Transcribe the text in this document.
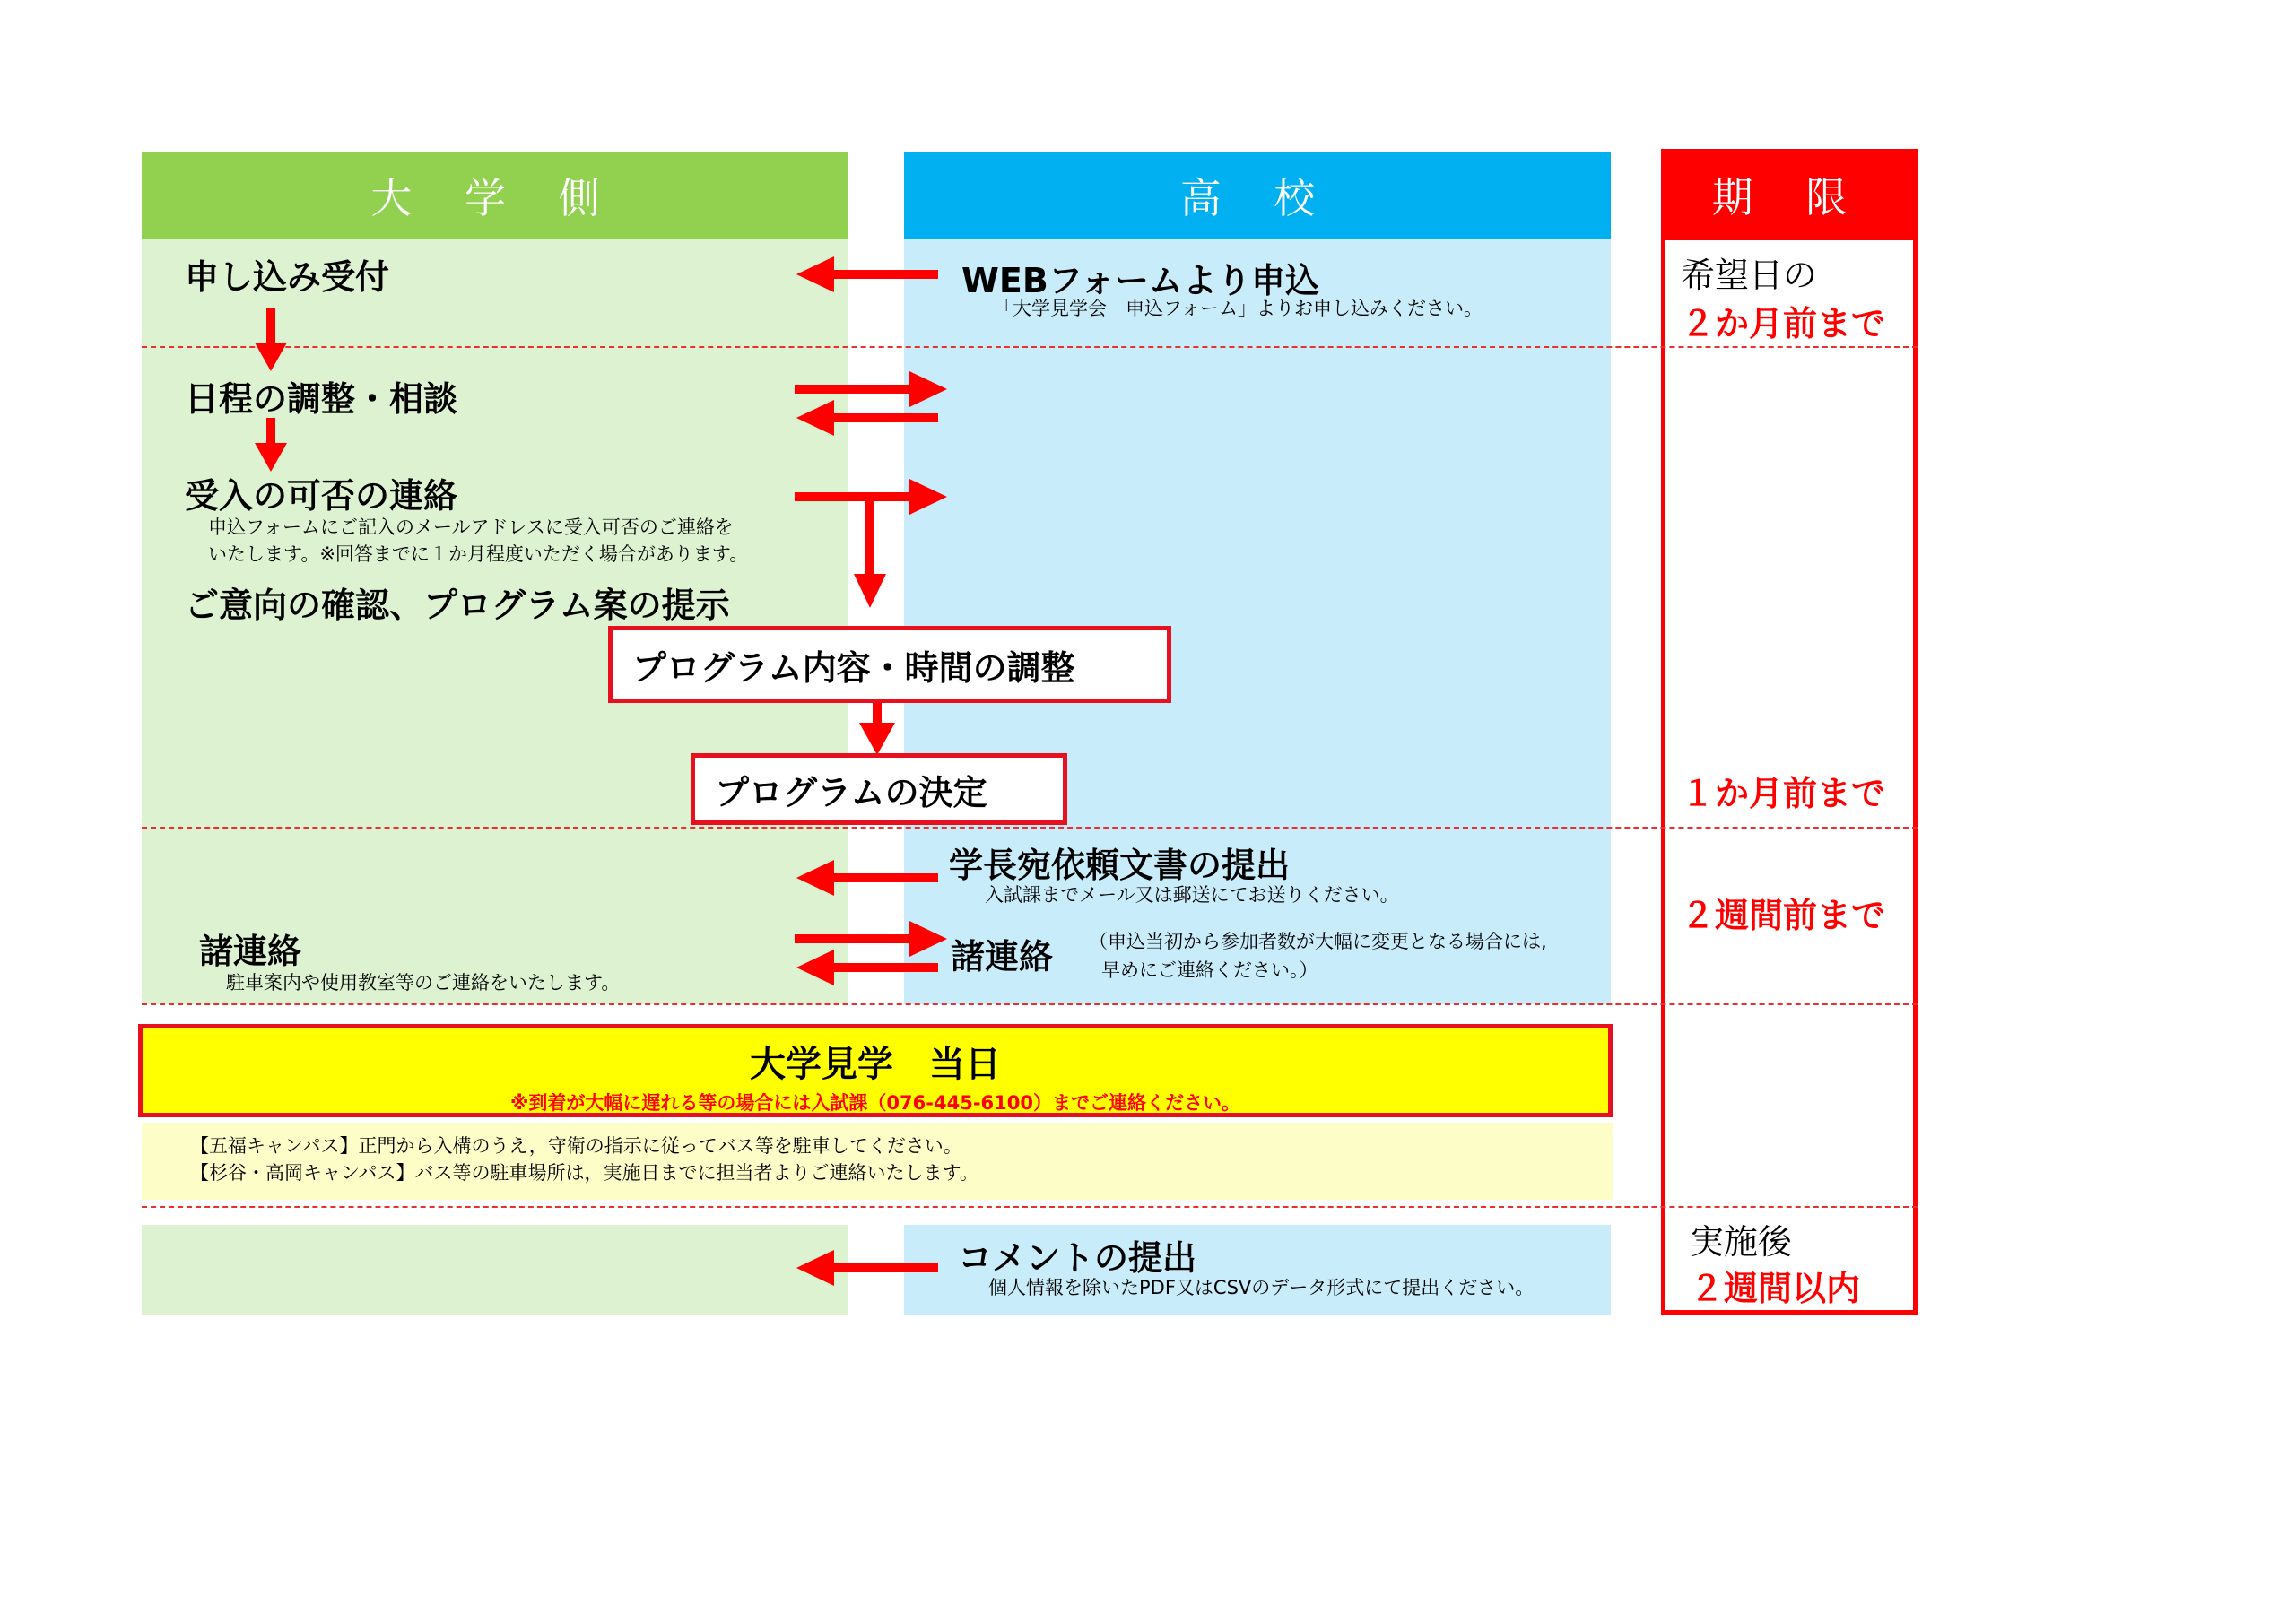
大 学 側	高 校	期 限
申し込み受付	WEBフォームより申込
「大学見学会　申込フォーム」よりお申し込みください。
日程の調整・相談
受入の可否の連絡
申込フォームにご記入のメールアドレスに受入可否のご連絡を
いたします。※回答までに１か月程度いただく場合があります。
ご意向の確認、プログラム案の提示
プログラム内容・時間の調整
プログラムの決定
学長宛依頼文書の提出
入試課までメール又は郵送にてお送りください。
諸連絡
駐車案内や使用教室等のご連絡をいたします。
諸連絡 （申込当初から参加者数が大幅に変更となる場合には,
早めにご連絡ください。）
大学見学　当日
※到着が大幅に遅れる等の場合には入試課（076-445-6100）までご連絡ください。
【五福キャンパス】正門から入構のうえ，守衛の指示に従ってバス等を駐車してください。
【杉谷・高岡キャンパス】バス等の駐車場所は，実施日までに担当者よりご連絡いたします。
コメントの提出
個人情報を除いたPDF又はCSVのデータ形式にて提出ください。
希望日の
２か月前まで
１か月前まで
２週間前まで
実施後
２週間以内
